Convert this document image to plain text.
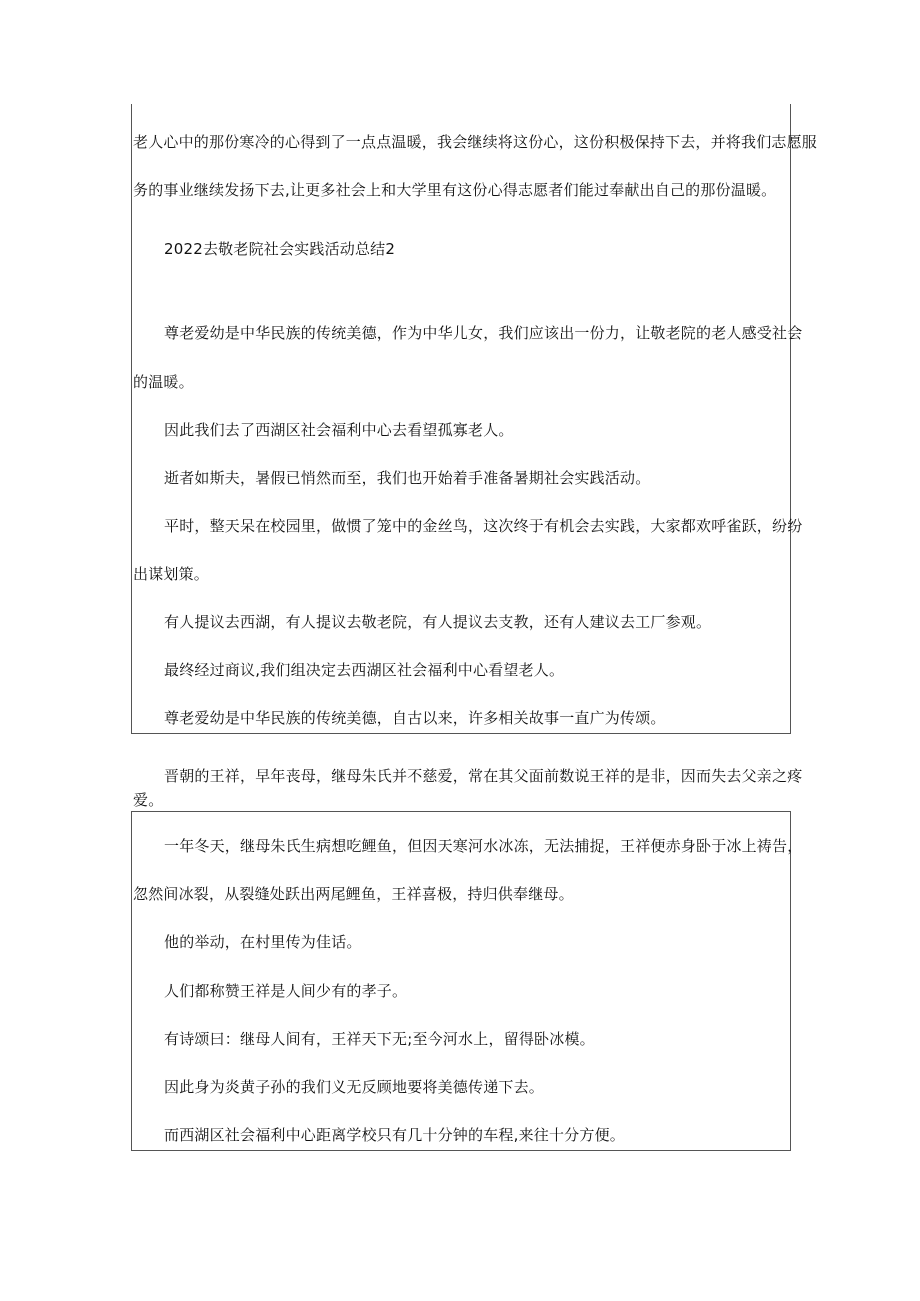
老人心中的那份寒冷的心得到了一点点温暖，我会继续将这份心，这份积极保持下去，并将我们志愿服
务的事业继续发扬下去,让更多社会上和大学里有这份心得志愿者们能过奉献出自己的那份温暖。
2022去敬老院社会实践活动总结2
尊老爱幼是中华民族的传统美德，作为中华儿女，我们应该出一份力，让敬老院的老人感受社会
的温暖。
因此我们去了西湖区社会福利中心去看望孤寡老人。
逝者如斯夫，暑假已悄然而至，我们也开始着手准备暑期社会实践活动。
平时，整天呆在校园里，做惯了笼中的金丝鸟，这次终于有机会去实践，大家都欢呼雀跃，纷纷
出谋划策。
有人提议去西湖，有人提议去敬老院，有人提议去支教，还有人建议去工厂参观。
最终经过商议,我们组决定去西湖区社会福利中心看望老人。
尊老爱幼是中华民族的传统美德，自古以来，许多相关故事一直广为传颂。
晋朝的王祥，早年丧母，继母朱氏并不慈爱，常在其父面前数说王祥的是非，因而失去父亲之疼
爱。
一年冬天，继母朱氏生病想吃鲤鱼，但因天寒河水冰冻，无法捕捉，王祥便赤身卧于冰上祷告，
忽然间冰裂，从裂缝处跃出两尾鲤鱼，王祥喜极，持归供奉继母。
他的举动，在村里传为佳话。
人们都称赞王祥是人间少有的孝子。
有诗颂曰：继母人间有，王祥天下无;至今河水上，留得卧冰模。
因此身为炎黄子孙的我们义无反顾地要将美德传递下去。
而西湖区社会福利中心距离学校只有几十分钟的车程,来往十分方便。
